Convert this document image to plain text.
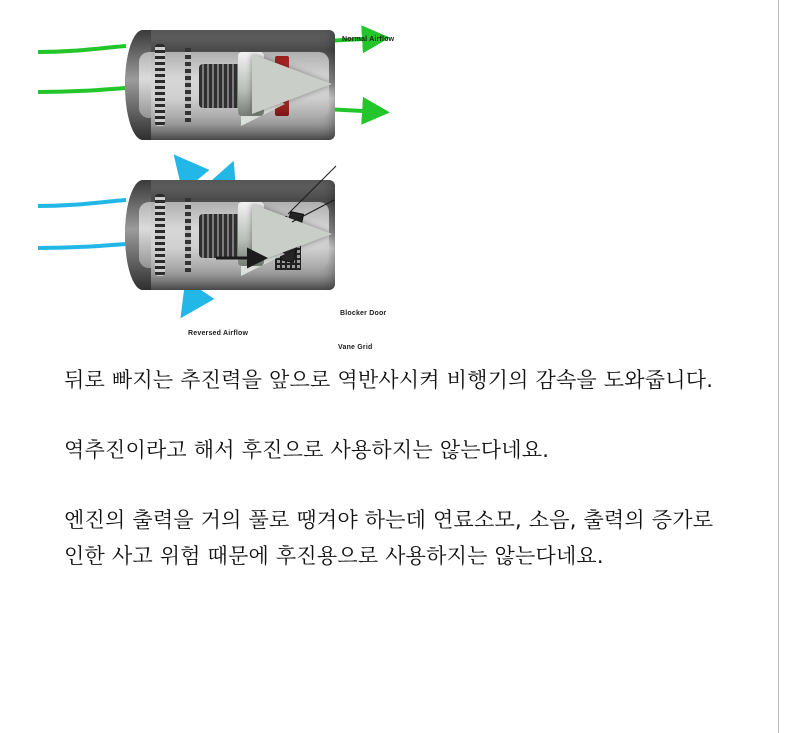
Normal Airflow
Reversed Airflow
Blocker Door
Vane Grid

뒤로 빠지는 추진력을 앞으로 역반사시켜 비행기의 감속을 도와줍니다.

역추진이라고 해서 후진으로 사용하지는 않는다네요.

엔진의 출력을 거의 풀로 땡겨야 하는데 연료소모, 소음, 출력의 증가로 인한 사고 위험 때문에 후진용으로 사용하지는 않는다네요.
